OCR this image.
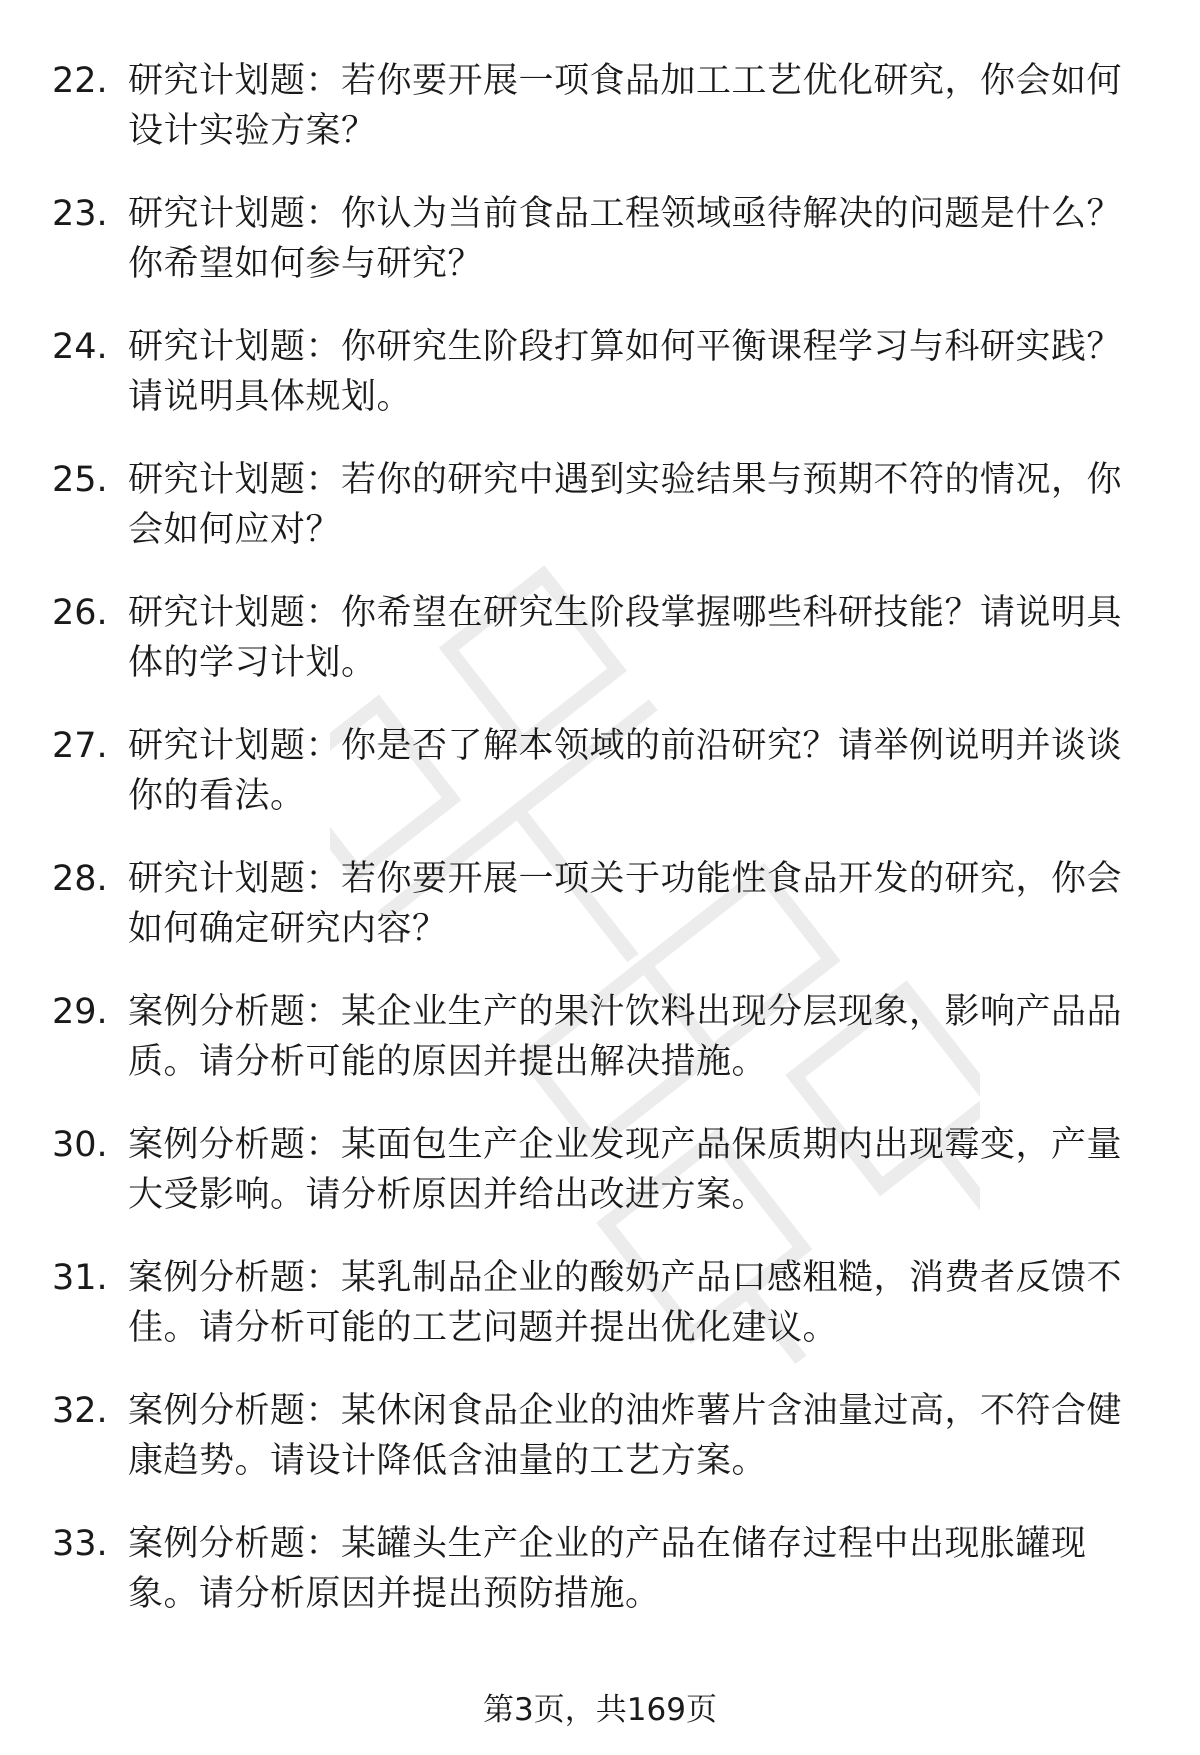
22. 研究计划题：若你要开展一项食品加工工艺优化研究，你会如何设计实验方案？
23. 研究计划题：你认为当前食品工程领域亟待解决的问题是什么？你希望如何参与研究？
24. 研究计划题：你研究生阶段打算如何平衡课程学习与科研实践？请说明具体规划。
25. 研究计划题：若你的研究中遇到实验结果与预期不符的情况，你会如何应对？
26. 研究计划题：你希望在研究生阶段掌握哪些科研技能？请说明具体的学习计划。
27. 研究计划题：你是否了解本领域的前沿研究？请举例说明并谈谈你的看法。
28. 研究计划题：若你要开展一项关于功能性食品开发的研究，你会如何确定研究内容？
29. 案例分析题：某企业生产的果汁饮料出现分层现象，影响产品品质。请分析可能的原因并提出解决措施。
30. 案例分析题：某面包生产企业发现产品保质期内出现霉变，产量大受影响。请分析原因并给出改进方案。
31. 案例分析题：某乳制品企业的酸奶产品口感粗糙，消费者反馈不佳。请分析可能的工艺问题并提出优化建议。
32. 案例分析题：某休闲食品企业的油炸薯片含油量过高，不符合健康趋势。请设计降低含油量的工艺方案。
33. 案例分析题：某罐头生产企业的产品在储存过程中出现胀罐现象。请分析原因并提出预防措施。
第3页，共169页
